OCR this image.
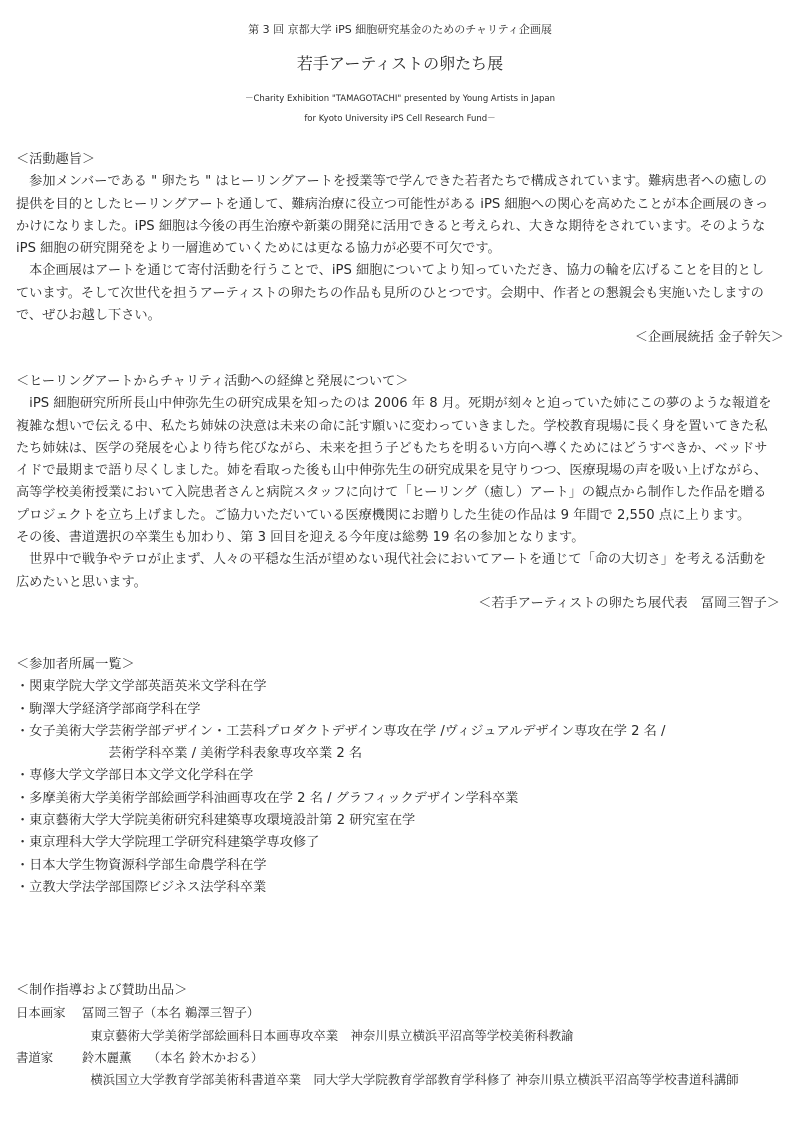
第 3 回 京都大学 iPS 細胞研究基金のためのチャリティ企画展
若手アーティストの卵たち展
－Charity Exhibition "TAMAGOTACHI" presented by Young Artists in Japan
for Kyoto University iPS Cell Research Fund－
＜活動趣旨＞
　参加メンバーである " 卵たち " はヒーリングアートを授業等で学んできた若者たちで構成されています。難病患者への癒しの
提供を目的としたヒーリングアートを通して、難病治療に役立つ可能性がある iPS 細胞への関心を高めたことが本企画展のきっ
かけになりました。iPS 細胞は今後の再生治療や新薬の開発に活用できると考えられ、大きな期待をされています。そのような
iPS 細胞の研究開発をより一層進めていくためには更なる協力が必要不可欠です。
　本企画展はアートを通じて寄付活動を行うことで、iPS 細胞についてより知っていただき、協力の輪を広げることを目的とし
ています。そして次世代を担うアーティストの卵たちの作品も見所のひとつです。会期中、作者との懇親会も実施いたしますの
で、ぜひお越し下さい。
＜企画展統括 金子幹矢＞
＜ヒーリングアートからチャリティ活動への経緯と発展について＞
　iPS 細胞研究所所長山中伸弥先生の研究成果を知ったのは 2006 年 8 月。死期が刻々と迫っていた姉にこの夢のような報道を
複雑な想いで伝える中、私たち姉妹の決意は未来の命に託す願いに変わっていきました。学校教育現場に長く身を置いてきた私
たち姉妹は、医学の発展を心より待ち侘びながら、未来を担う子どもたちを明るい方向へ導くためにはどうすべきか、ベッドサ
イドで最期まで語り尽くしました。姉を看取った後も山中伸弥先生の研究成果を見守りつつ、医療現場の声を吸い上げながら、
高等学校美術授業において入院患者さんと病院スタッフに向けて「ヒーリング（癒し）アート」の観点から制作した作品を贈る
プロジェクトを立ち上げました。ご協力いただいている医療機関にお贈りした生徒の作品は 9 年間で 2,550 点に上ります。
その後、書道選択の卒業生も加わり、第 3 回目を迎える今年度は総勢 19 名の参加となります。
　世界中で戦争やテロが止まず、人々の平穏な生活が望めない現代社会においてアートを通じて「命の大切さ」を考える活動を
広めたいと思います。
＜若手アーティストの卵たち展代表　冨岡三智子＞
＜参加者所属一覧＞
・関東学院大学文学部英語英米文学科在学
・駒澤大学経済学部商学科在学
・女子美術大学芸術学部デザイン・工芸科プロダクトデザイン専攻在学 /ヴィジュアルデザイン専攻在学 2 名 /
　　　　　　　芸術学科卒業 / 美術学科表象専攻卒業 2 名
・専修大学文学部日本文学文化学科在学
・多摩美術大学美術学部絵画学科油画専攻在学 2 名 / グラフィックデザイン学科卒業
・東京藝術大学大学院美術研究科建築専攻環境設計第 2 研究室在学
・東京理科大学大学院理工学研究科建築学専攻修了
・日本大学生物資源科学部生命農学科在学
・立教大学法学部国際ビジネス法学科卒業
＜制作指導および賛助出品＞
日本画家　 冨岡三智子（本名 鵜澤三智子）
　　　　　　東京藝術大学美術学部絵画科日本画専攻卒業　神奈川県立横浜平沼高等学校美術科教諭
書道家　　 鈴木麗薫　 （本名 鈴木かおる）
　　　　　　横浜国立大学教育学部美術科書道卒業　同大学大学院教育学部教育学科修了 神奈川県立横浜平沼高等学校書道科講師
